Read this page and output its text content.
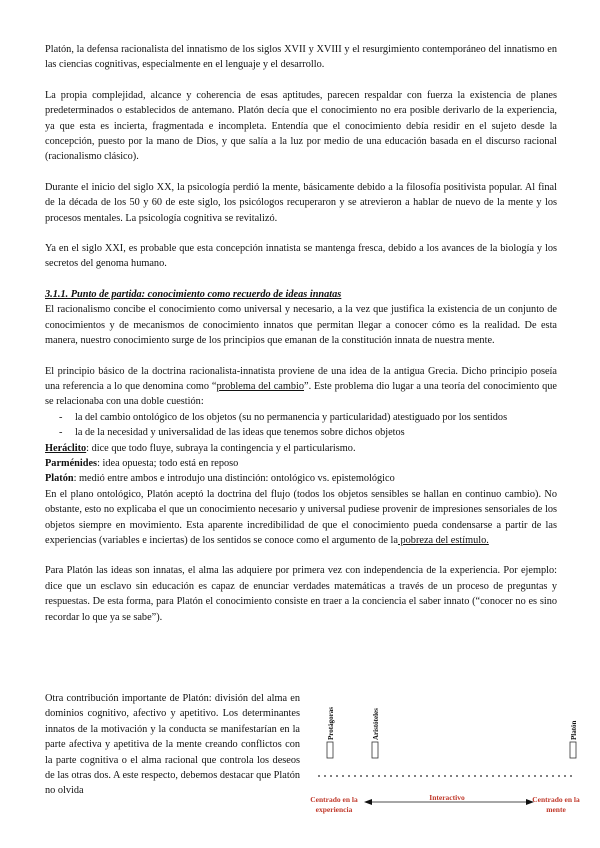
Platón, la defensa racionalista del innatismo de los siglos XVII y XVIII y el resurgimiento contemporáneo del innatismo en las ciencias cognitivas, especialmente en el lenguaje y el desarrollo.

La propia complejidad, alcance y coherencia de esas aptitudes, parecen respaldar con fuerza la existencia de planes predeterminados o establecidos de antemano. Platón decía que el conocimiento no era posible derivarlo de la experiencia, ya que esta es incierta, fragmentada e incompleta. Entendía que el conocimiento debía residir en el sujeto desde la concepción, puesto por la mano de Dios, y que salía a la luz por medio de una educación basada en el discurso racional (racionalismo clásico).

Durante el inicio del siglo XX, la psicología perdió la mente, básicamente debido a la filosofía positivista popular. Al final de la década de los 50 y 60 de este siglo, los psicólogos recuperaron y se atrevieron a hablar de nuevo de la mente y los procesos mentales. La psicología cognitiva se revitalizó.

Ya en el siglo XXI, es probable que esta concepción innatista se mantenga fresca, debido a los avances de la biología y los secretos del genoma humano.

3.1.1. Punto de partida: conocimiento como recuerdo de ideas innatas

El racionalismo concibe el conocimiento como universal y necesario, a la vez que justifica la existencia de un conjunto de conocimientos y de mecanismos de conocimiento innatos que permitan llegar a conocer cómo es la realidad. De esta manera, nuestro conocimiento surge de los principios que emanan de la constitución innata de nuestra mente.

El principio básico de la doctrina racionalista-innatista proviene de una idea de la antigua Grecia. Dicho principio poseía una referencia a lo que denomina como “problema del cambio”. Este problema dio lugar a una teoría del conocimiento que se relacionaba con una doble cuestión:

- la del cambio ontológico de los objetos (su no permanencia y particularidad) atestiguado por los sentidos
- la de la necesidad y universalidad de las ideas que tenemos sobre dichos objetos

Heráclito: dice que todo fluye, subraya la contingencia y el particularismo.

Parménides: idea opuesta; todo está en reposo

Platón: medió entre ambos e introdujo una distinción: ontológico vs. epistemológico

En el plano ontológico, Platón aceptó la doctrina del flujo (todos los objetos sensibles se hallan en continuo cambio). No obstante, esto no explicaba el que un conocimiento necesario y universal pudiese provenir de impresiones sensoriales de los objetos siempre en movimiento. Esta aparente incredibilidad de que el conocimiento pueda condensarse a partir de las experiencias (variables e inciertas) de los sentidos se conoce como el argumento de la pobreza del estímulo.

Para Platón las ideas son innatas, el alma las adquiere por primera vez con independencia de la experiencia. Por ejemplo: dice que un esclavo sin educación es capaz de enunciar verdades matemáticas a través de un proceso de preguntas y respuestas. De esta forma, para Platón el conocimiento consiste en traer a la conciencia el saber innato (“conocer no es sino recordar lo que ya se sabe”).

Otra contribución importante de Platón: división del alma en dominios cognitivo, afectivo y apetitivo. Los determinantes innatos de la motivación y la conducta se manifestarían en la parte afectiva y apetitiva de la mente creando conflictos con la parte cognitiva o el alma racional que controla los deseos de las otras dos. A este respecto, debemos destacar que Platón no olvida

Protágoras	Aristóteles	Platón
Centrado en la
experiencia
Interactivo	Centrado en la
mente
